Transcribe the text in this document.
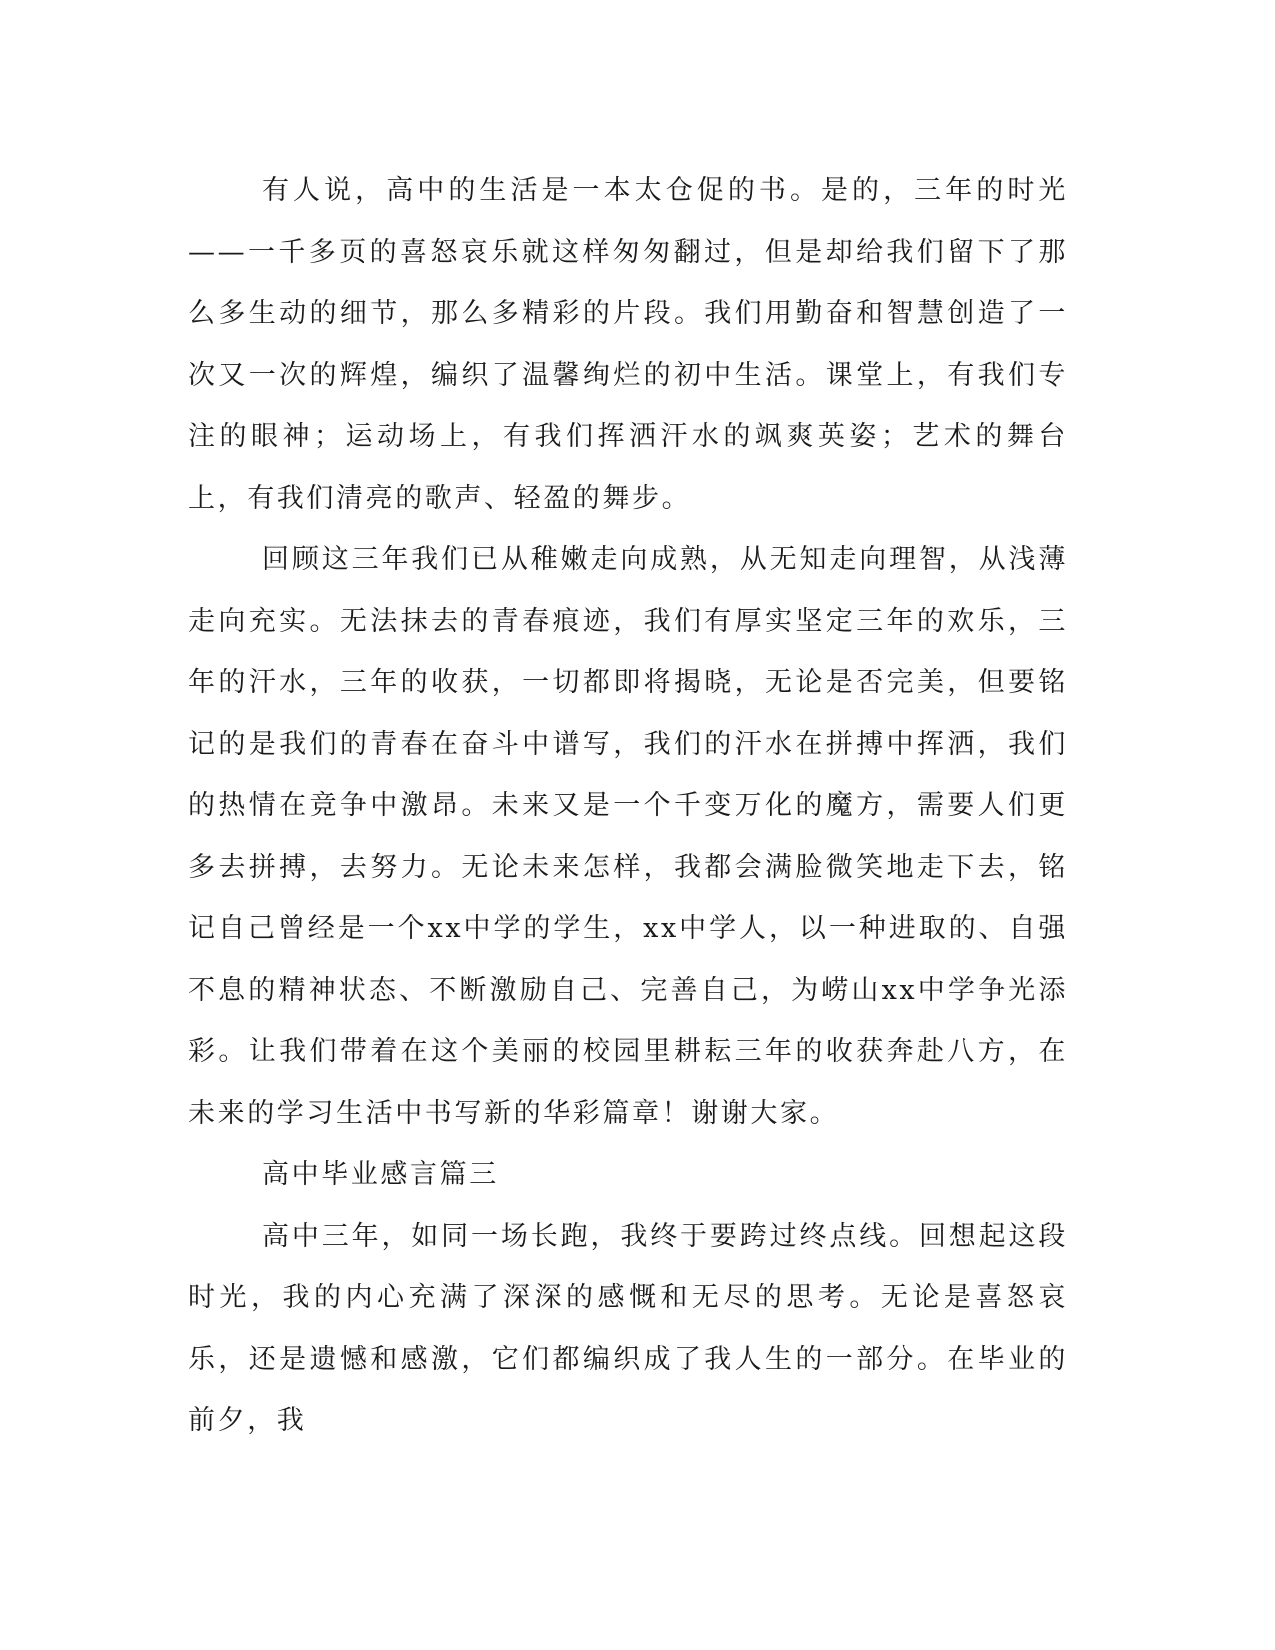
有人说，高中的生活是一本太仓促的书。是的，三年的时光——一千多页的喜怒哀乐就这样匆匆翻过，但是却给我们留下了那么多生动的细节，那么多精彩的片段。我们用勤奋和智慧创造了一次又一次的辉煌，编织了温馨绚烂的初中生活。课堂上，有我们专注的眼神；运动场上，有我们挥洒汗水的飒爽英姿；艺术的舞台上，有我们清亮的歌声、轻盈的舞步。

回顾这三年我们已从稚嫩走向成熟，从无知走向理智，从浅薄走向充实。无法抹去的青春痕迹，我们有厚实坚定三年的欢乐，三年的汗水，三年的收获，一切都即将揭晓，无论是否完美，但要铭记的是我们的青春在奋斗中谱写，我们的汗水在拼搏中挥洒，我们的热情在竞争中激昂。未来又是一个千变万化的魔方，需要人们更多去拼搏，去努力。无论未来怎样，我都会满脸微笑地走下去，铭记自己曾经是一个xx中学的学生，xx中学人，以一种进取的、自强不息的精神状态、不断激励自己、完善自己，为崂山xx中学争光添彩。让我们带着在这个美丽的校园里耕耘三年的收获奔赴八方，在未来的学习生活中书写新的华彩篇章！谢谢大家。

高中毕业感言篇三

高中三年，如同一场长跑，我终于要跨过终点线。回想起这段时光，我的内心充满了深深的感慨和无尽的思考。无论是喜怒哀乐，还是遗憾和感激，它们都编织成了我人生的一部分。在毕业的前夕，我
